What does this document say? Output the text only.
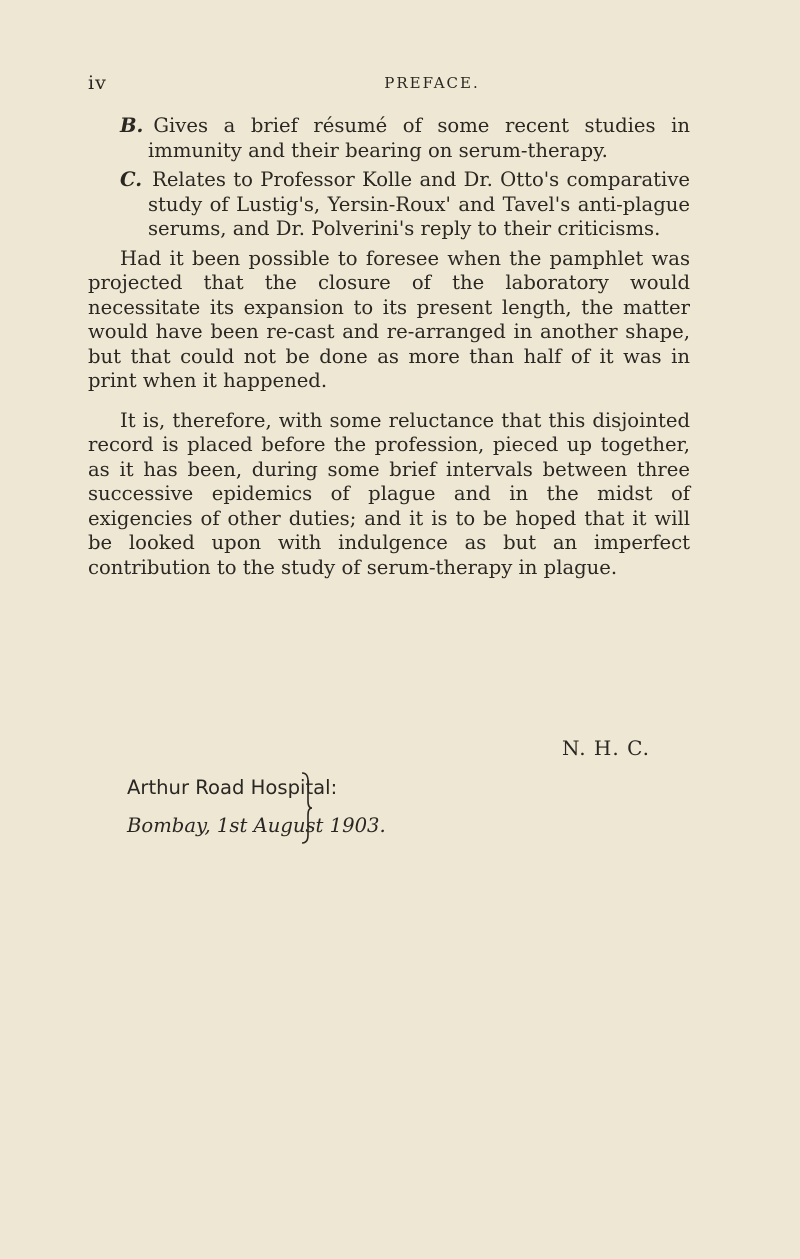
iv	PREFACE.

B. Gives a brief résumé of some recent studies in immunity and their bearing on serum-therapy.

C. Relates to Professor Kolle and Dr. Otto's comparative study of Lustig's, Yersin-Roux' and Tavel's anti-plague serums, and Dr. Polverini's reply to their criticisms.

Had it been possible to foresee when the pamphlet was projected that the closure of the laboratory would necessitate its expansion to its present length, the matter would have been re-cast and re-arranged in another shape, but that could not be done as more than half of it was in print when it happened.

It is, therefore, with some reluctance that this disjointed record is placed before the profession, pieced up together, as it has been, during some brief intervals between three successive epidemics of plague and in the midst of exigencies of other duties; and it is to be hoped that it will be looked upon with indulgence as but an imperfect contribution to the study of serum-therapy in plague.

N. H. C.
Arthur Road Hospital:
Bombay, 1st August 1903.
